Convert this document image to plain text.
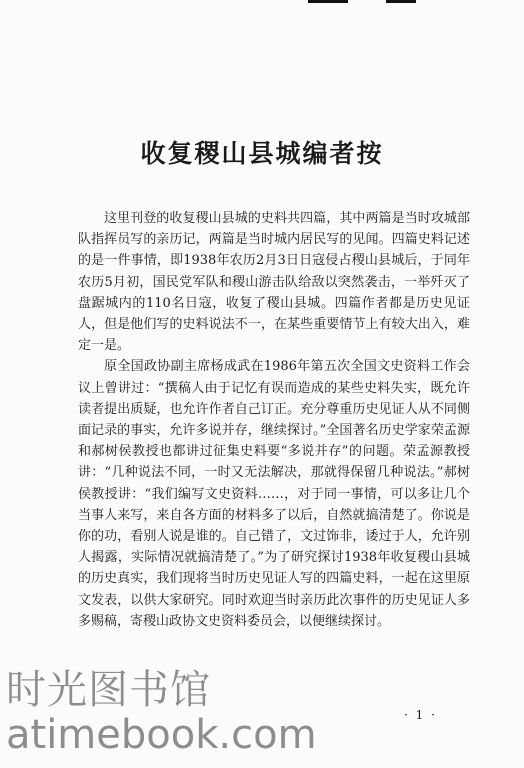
收复稷山县城编者按

这里刊登的收复稷山县城的史料共四篇，其中两篇是当时攻城部队指挥员写的亲历记，两篇是当时城内居民写的见闻。四篇史料记述的是一件事情，即1938年农历2月3日日寇侵占稷山县城后，于同年农历5月初，国民党军队和稷山游击队给敌以突然袭击，一举歼灭了盘踞城内的110名日寇，收复了稷山县城。四篇作者都是历史见证人，但是他们写的史料说法不一，在某些重要情节上有较大出入，难定一是。

原全国政协副主席杨成武在1986年第五次全国文史资料工作会议上曾讲过：“撰稿人由于记忆有误而造成的某些史料失实，既允许读者提出质疑，也允许作者自己订正。充分尊重历史见证人从不同侧面记录的事实，允许多说并存，继续探讨。”全国著名历史学家荣孟源和郝树侯教授也都讲过征集史料要“多说并存”的问题。荣孟源教授讲：“几种说法不同，一时又无法解决，那就得保留几种说法。”郝树侯教授讲：“我们编写文史资料……，对于同一事情，可以多让几个当事人来写，来自各方面的材料多了以后，自然就搞清楚了。你说是你的功，看别人说是谁的。自己错了，文过饰非，诿过于人，允许别人揭露，实际情况就搞清楚了。”为了研究探讨1938年收复稷山县城的历史真实，我们现将当时历史见证人写的四篇史料，一起在这里原文发表，以供大家研究。同时欢迎当时亲历此次事件的历史见证人多多赐稿，寄稷山政协文史资料委员会，以便继续探讨。

· 1 ·
时光图书馆
atimebook.com
